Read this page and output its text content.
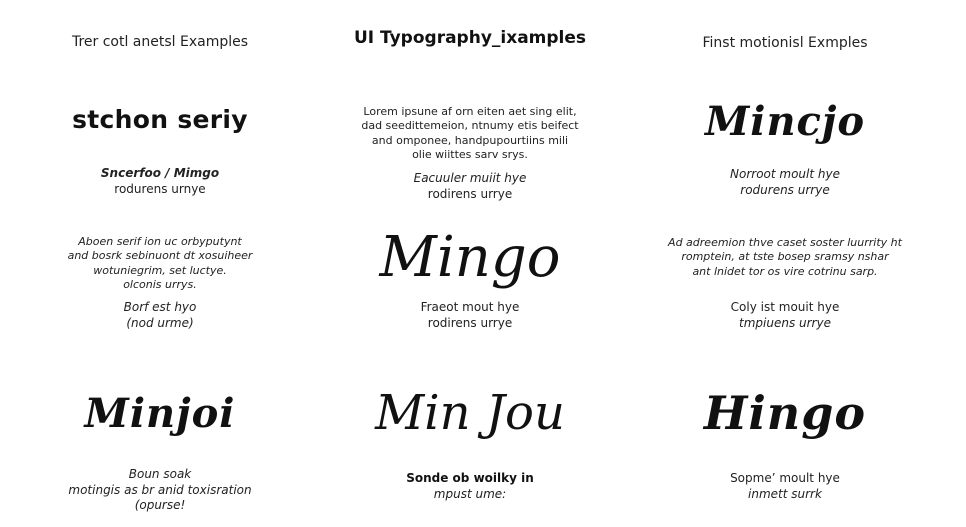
Trer cotl anetsl Examples	UI Typography_ixamples	Finst motionisl Exmples
stchon seriy
Sncerfoo / Mimgo
rodurens urnye
Lorem ipsune af orn eiten aet sing elit,
dad seedittemeion, ntnumy etis beifect
and omponee, handpupourtiins mili
olie wiittes sarv srys.
Eacuuler muiit hye
rodirens urrye
Mincjo
Norroot moult hye
rodurens urrye
Aboen serif ion uc orbyputynt
and bosrk sebinuont dt xosuiheer
wotuniegrim, set luctye.
olconis urrys.
Borf est hyo
(nod urme)
Mingo
Fraeot mout hye
rodirens urrye
Ad adreemion thve caset soster luurrity ht
romptein, at tste bosep sramsy nshar
ant lnidet tor os vire cotrinu sarp.
Coly ist mouit hye
tmpiuens urrye
Minjoi
Boun soak
motingis as br anid toxisration
(opurse!
Min Jou
Sonde ob woilky in
mpust ume:
Hingo
Sopme’ moult hye
inmett surrk
